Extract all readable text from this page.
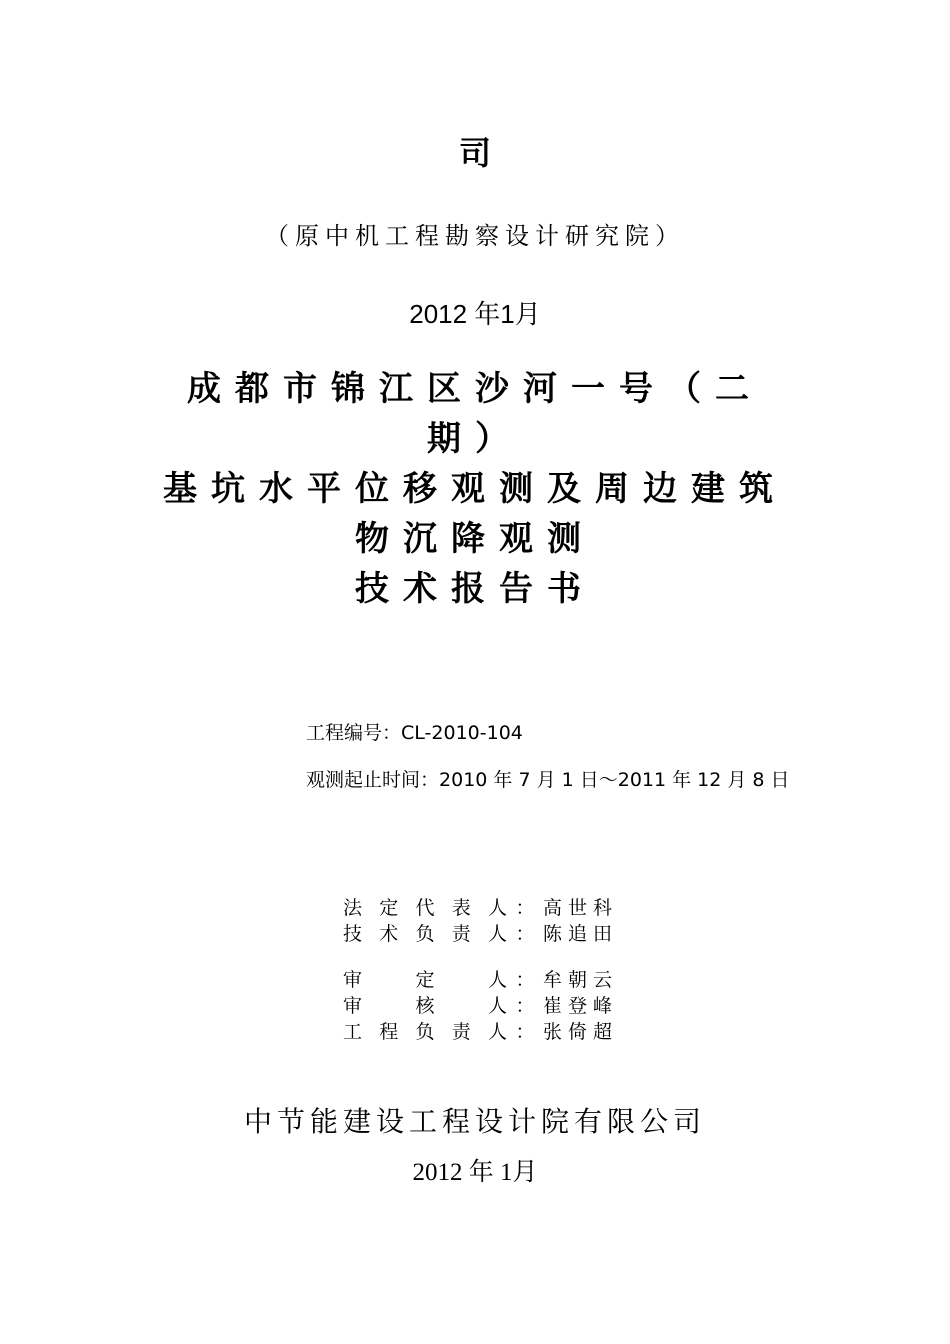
司
（原中机工程勘察设计研究院）
2012 年1月
成都市锦江区沙河一号（二
期）
基坑水平位移观测及周边建筑
物沉降观测
技术报告书
工程编号：CL-2010-104
观测起止时间：2010 年 7 月 1 日～2011 年 12 月 8 日
法 定 代 表 人 ： 高世科
技 术 负 责 人 ： 陈追田
审 定 人 ： 牟朝云
审 核 人 ： 崔登峰
工 程 负 责 人 ： 张倚超
中节能建设工程设计院有限公司
2012 年 1月
